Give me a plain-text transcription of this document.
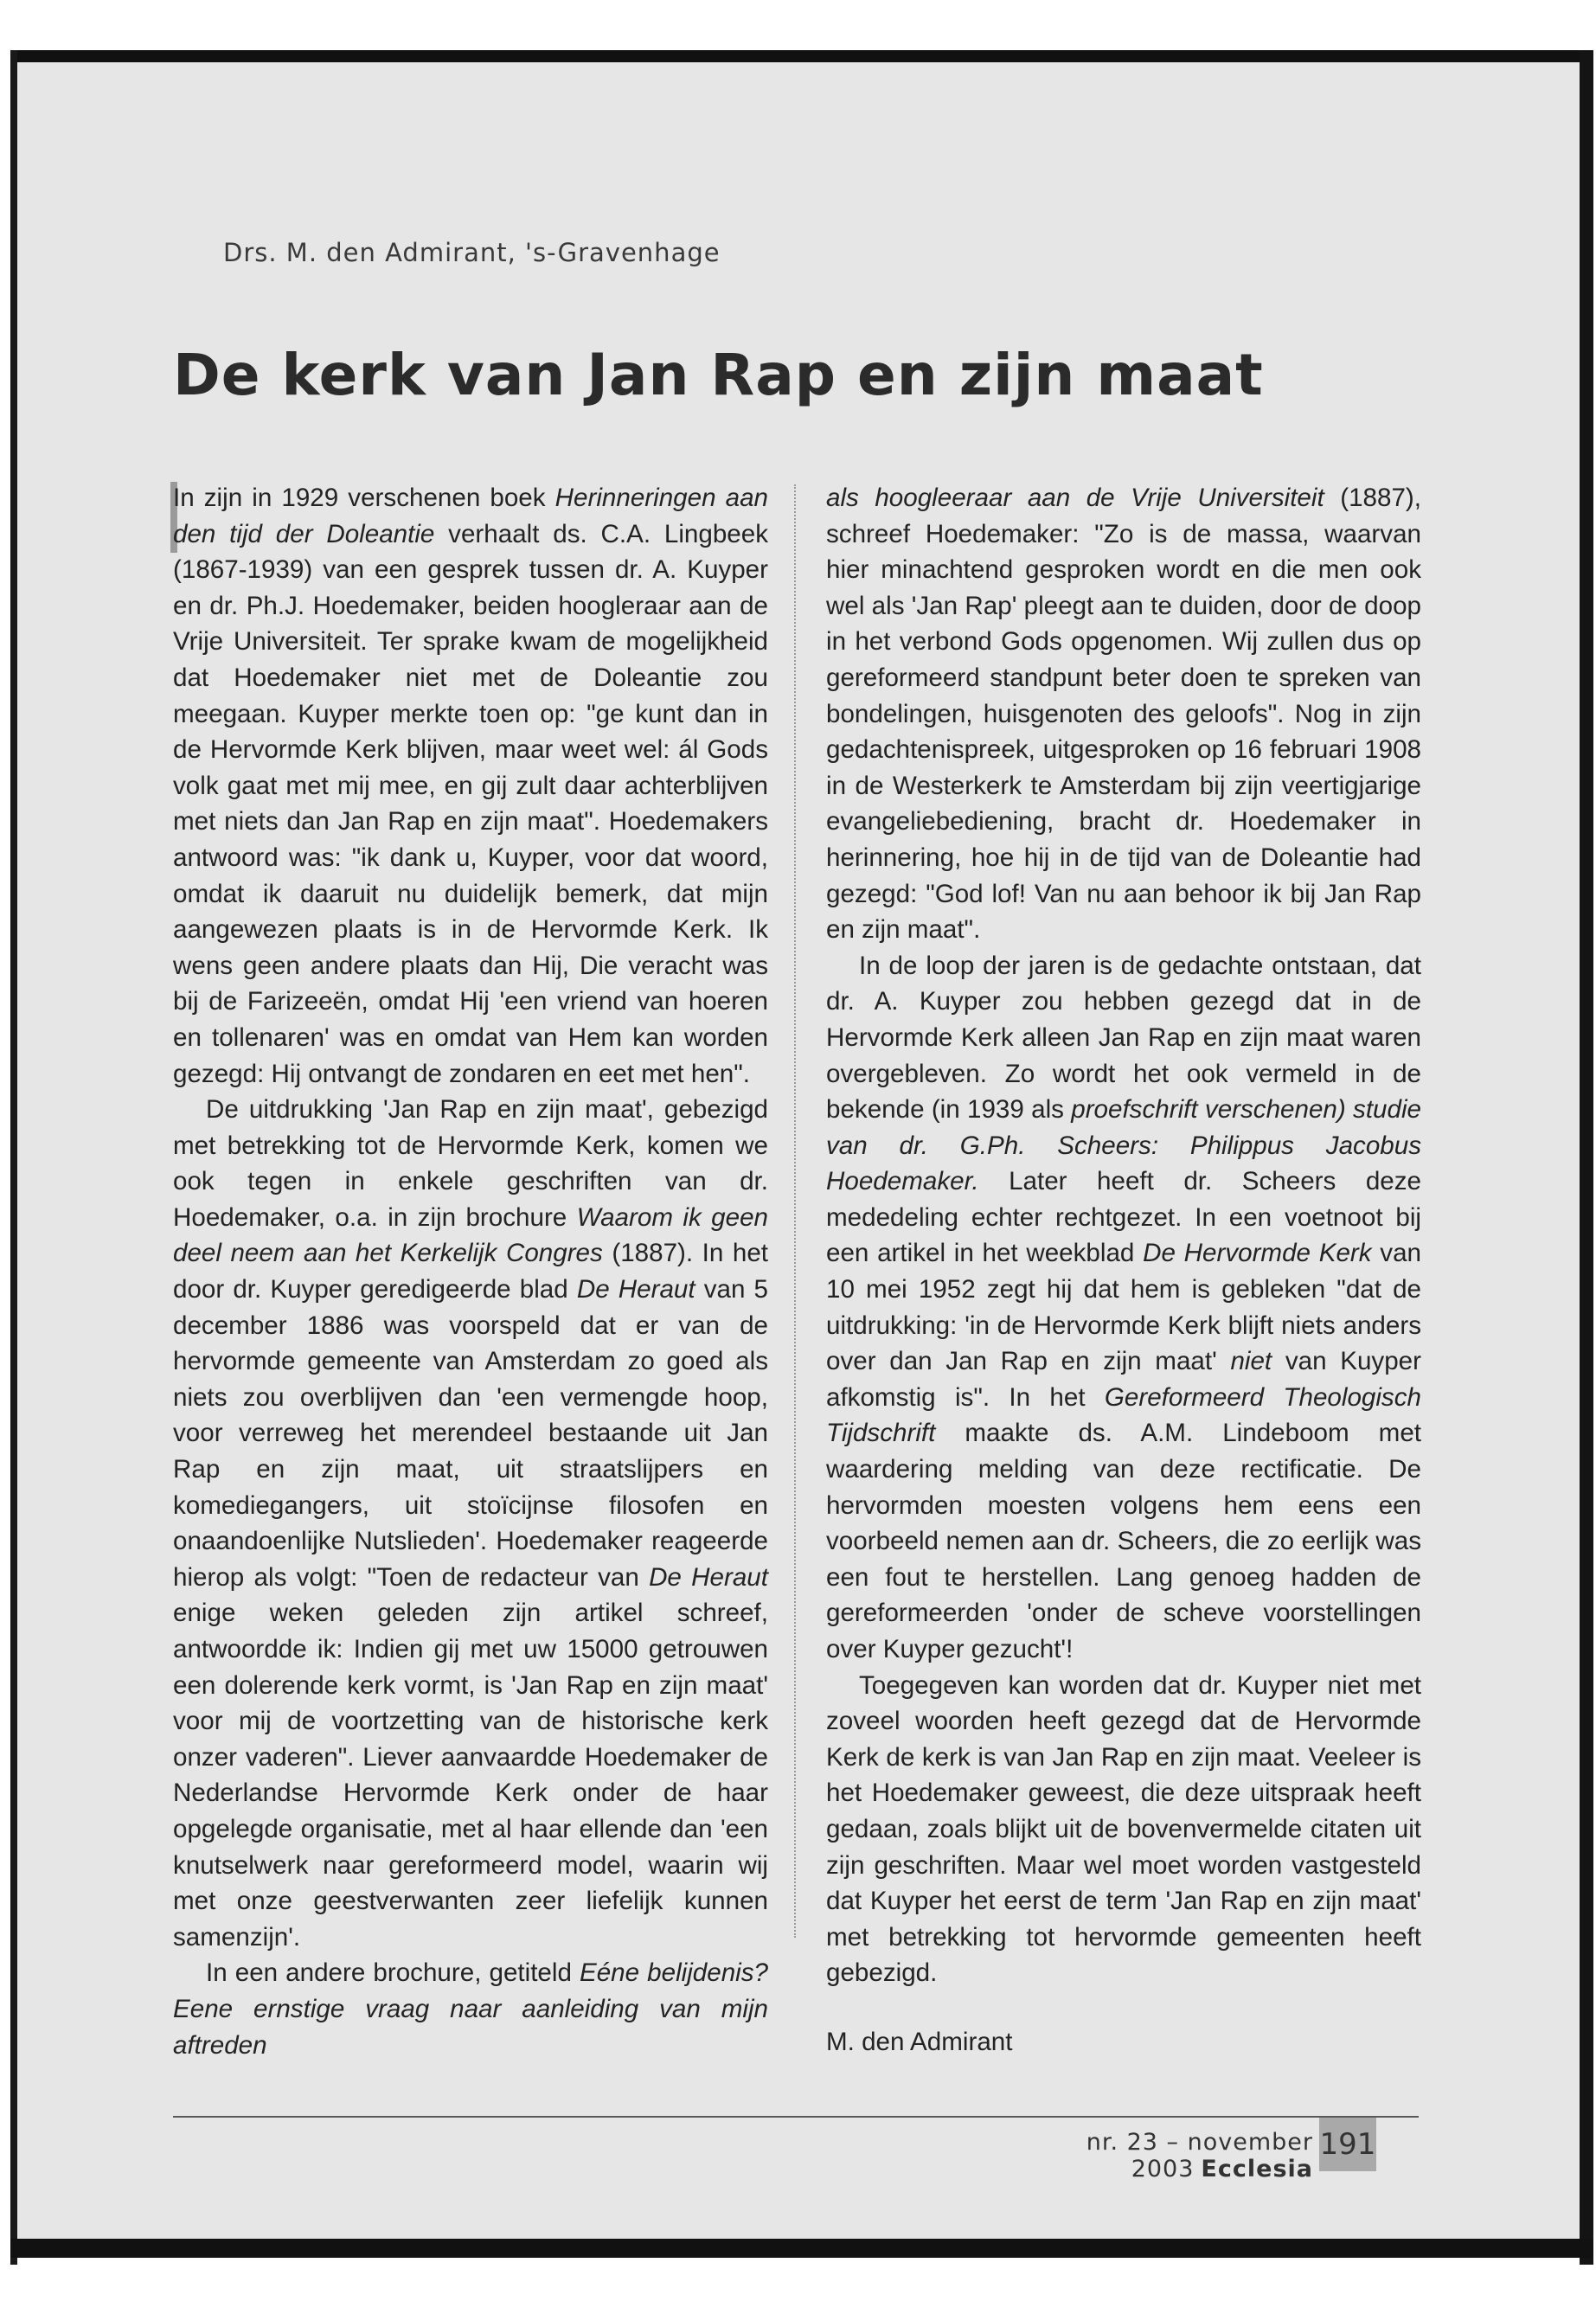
Drs. M. den Admirant, 's-Gravenhage
De kerk van Jan Rap en zijn maat

In zijn in 1929 verschenen boek Herinneringen aan den tijd der Doleantie verhaalt ds. C.A. Lingbeek (1867-1939) van een gesprek tussen dr. A. Kuyper en dr. Ph.J. Hoedemaker, beiden hoogleraar aan de Vrije Universiteit. Ter sprake kwam de mogelijkheid dat Hoedemaker niet met de Doleantie zou meegaan. Kuyper merkte toen op: "ge kunt dan in de Hervormde Kerk blijven, maar weet wel: ál Gods volk gaat met mij mee, en gij zult daar achterblijven met niets dan Jan Rap en zijn maat". Hoedemakers antwoord was: "ik dank u, Kuyper, voor dat woord, omdat ik daaruit nu duidelijk bemerk, dat mijn aangewezen plaats is in de Hervormde Kerk. Ik wens geen andere plaats dan Hij, Die veracht was bij de Farizeeën, omdat Hij 'een vriend van hoeren en tollenaren' was en omdat van Hem kan worden gezegd: Hij ontvangt de zondaren en eet met hen".

De uitdrukking 'Jan Rap en zijn maat', gebezigd met betrekking tot de Hervormde Kerk, komen we ook tegen in enkele geschriften van dr. Hoedemaker, o.a. in zijn brochure Waarom ik geen deel neem aan het Kerkelijk Congres (1887). In het door dr. Kuyper geredigeerde blad De Heraut van 5 december 1886 was voorspeld dat er van de hervormde gemeente van Amsterdam zo goed als niets zou overblijven dan 'een vermengde hoop, voor verreweg het merendeel bestaande uit Jan Rap en zijn maat, uit straatslijpers en komediegangers, uit stoïcijnse filosofen en onaandoenlijke Nutslieden'. Hoedemaker reageerde hierop als volgt: "Toen de redacteur van De Heraut enige weken geleden zijn artikel schreef, antwoordde ik: Indien gij met uw 15000 getrouwen een dolerende kerk vormt, is 'Jan Rap en zijn maat' voor mij de voortzetting van de historische kerk onzer vaderen". Liever aanvaardde Hoedemaker de Nederlandse Hervormde Kerk onder de haar opgelegde organisatie, met al haar ellende dan 'een knutselwerk naar gereformeerd model, waarin wij met onze geestverwanten zeer liefelijk kunnen samenzijn'.

In een andere brochure, getiteld Eéne belijdenis? Eene ernstige vraag naar aanleiding van mijn aftreden

als hoogleeraar aan de Vrije Universiteit (1887), schreef Hoedemaker: "Zo is de massa, waarvan hier minachtend gesproken wordt en die men ook wel als 'Jan Rap' pleegt aan te duiden, door de doop in het verbond Gods opgenomen. Wij zullen dus op gereformeerd standpunt beter doen te spreken van bondelingen, huisgenoten des geloofs". Nog in zijn gedachtenispreek, uitgesproken op 16 februari 1908 in de Westerkerk te Amsterdam bij zijn veertigjarige evangeliebediening, bracht dr. Hoedemaker in herinnering, hoe hij in de tijd van de Doleantie had gezegd: "God lof! Van nu aan behoor ik bij Jan Rap en zijn maat".

In de loop der jaren is de gedachte ontstaan, dat dr. A. Kuyper zou hebben gezegd dat in de Hervormde Kerk alleen Jan Rap en zijn maat waren overgebleven. Zo wordt het ook vermeld in de bekende (in 1939 als proefschrift verschenen) studie van dr. G.Ph. Scheers: Philippus Jacobus Hoedemaker. Later heeft dr. Scheers deze mededeling echter rechtgezet. In een voetnoot bij een artikel in het weekblad De Hervormde Kerk van 10 mei 1952 zegt hij dat hem is gebleken "dat de uitdrukking: 'in de Hervormde Kerk blijft niets anders over dan Jan Rap en zijn maat' niet van Kuyper afkomstig is". In het Gereformeerd Theologisch Tijdschrift maakte ds. A.M. Lindeboom met waardering melding van deze rectificatie. De hervormden moesten volgens hem eens een voorbeeld nemen aan dr. Scheers, die zo eerlijk was een fout te herstellen. Lang genoeg hadden de gereformeerden 'onder de scheve voorstellingen over Kuyper gezucht'!

Toegegeven kan worden dat dr. Kuyper niet met zoveel woorden heeft gezegd dat de Hervormde Kerk de kerk is van Jan Rap en zijn maat. Veeleer is het Hoedemaker geweest, die deze uitspraak heeft gedaan, zoals blijkt uit de bovenvermelde citaten uit zijn geschriften. Maar wel moet worden vastgesteld dat Kuyper het eerst de term 'Jan Rap en zijn maat' met betrekking tot hervormde gemeenten heeft gebezigd.

M. den Admirant

nr. 23 – november 2003 Ecclesia
191
